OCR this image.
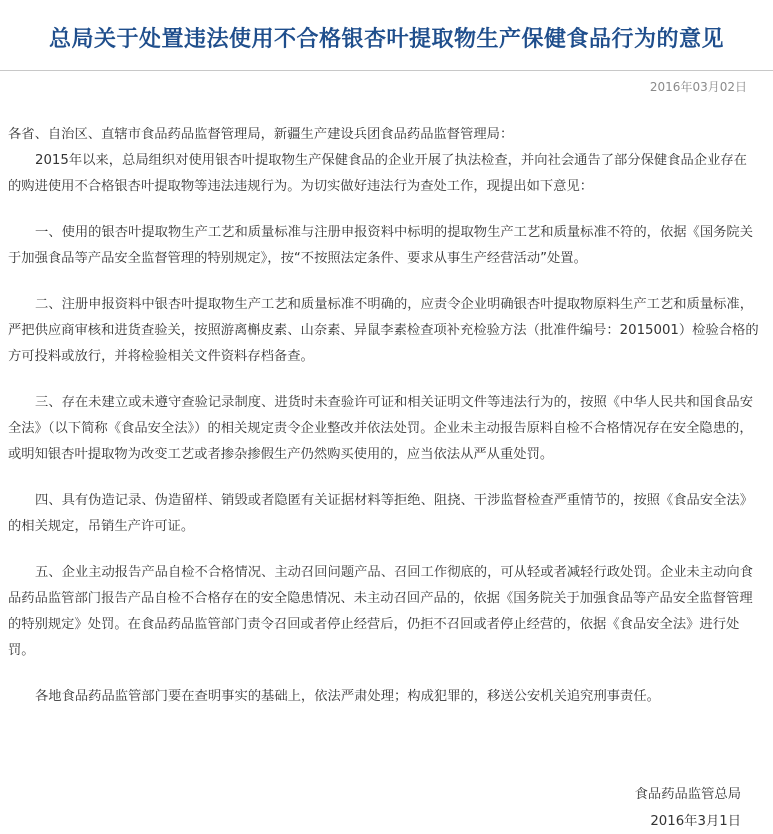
总局关于处置违法使用不合格银杏叶提取物生产保健食品行为的意见
2016年03月02日

各省、自治区、直辖市食品药品监督管理局，新疆生产建设兵团食品药品监督管理局：

2015年以来，总局组织对使用银杏叶提取物生产保健食品的企业开展了执法检查，并向社会通告了部分保健食品企业存在的购进使用不合格银杏叶提取物等违法违规行为。为切实做好违法行为查处工作，现提出如下意见：

一、使用的银杏叶提取物生产工艺和质量标准与注册申报资料中标明的提取物生产工艺和质量标准不符的，依据《国务院关于加强食品等产品安全监督管理的特别规定》，按“不按照法定条件、要求从事生产经营活动”处置。

二、注册申报资料中银杏叶提取物生产工艺和质量标准不明确的，应责令企业明确银杏叶提取物原料生产工艺和质量标准，严把供应商审核和进货查验关，按照游离槲皮素、山奈素、异鼠李素检查项补充检验方法（批准件编号：2015001）检验合格的方可投料或放行，并将检验相关文件资料存档备查。

三、存在未建立或未遵守查验记录制度、进货时未查验许可证和相关证明文件等违法行为的，按照《中华人民共和国食品安全法》（以下简称《食品安全法》）的相关规定责令企业整改并依法处罚。企业未主动报告原料自检不合格情况存在安全隐患的，或明知银杏叶提取物为改变工艺或者掺杂掺假生产仍然购买使用的，应当依法从严从重处罚。

四、具有伪造记录、伪造留样、销毁或者隐匿有关证据材料等拒绝、阻挠、干涉监督检查严重情节的，按照《食品安全法》的相关规定，吊销生产许可证。

五、企业主动报告产品自检不合格情况、主动召回问题产品、召回工作彻底的，可从轻或者减轻行政处罚。企业未主动向食品药品监管部门报告产品自检不合格存在的安全隐患情况、未主动召回产品的，依据《国务院关于加强食品等产品安全监督管理的特别规定》处罚。在食品药品监管部门责令召回或者停止经营后，仍拒不召回或者停止经营的，依据《食品安全法》进行处罚。

各地食品药品监管部门要在查明事实的基础上，依法严肃处理；构成犯罪的，移送公安机关追究刑事责任。

食品药品监管总局
2016年3月1日
